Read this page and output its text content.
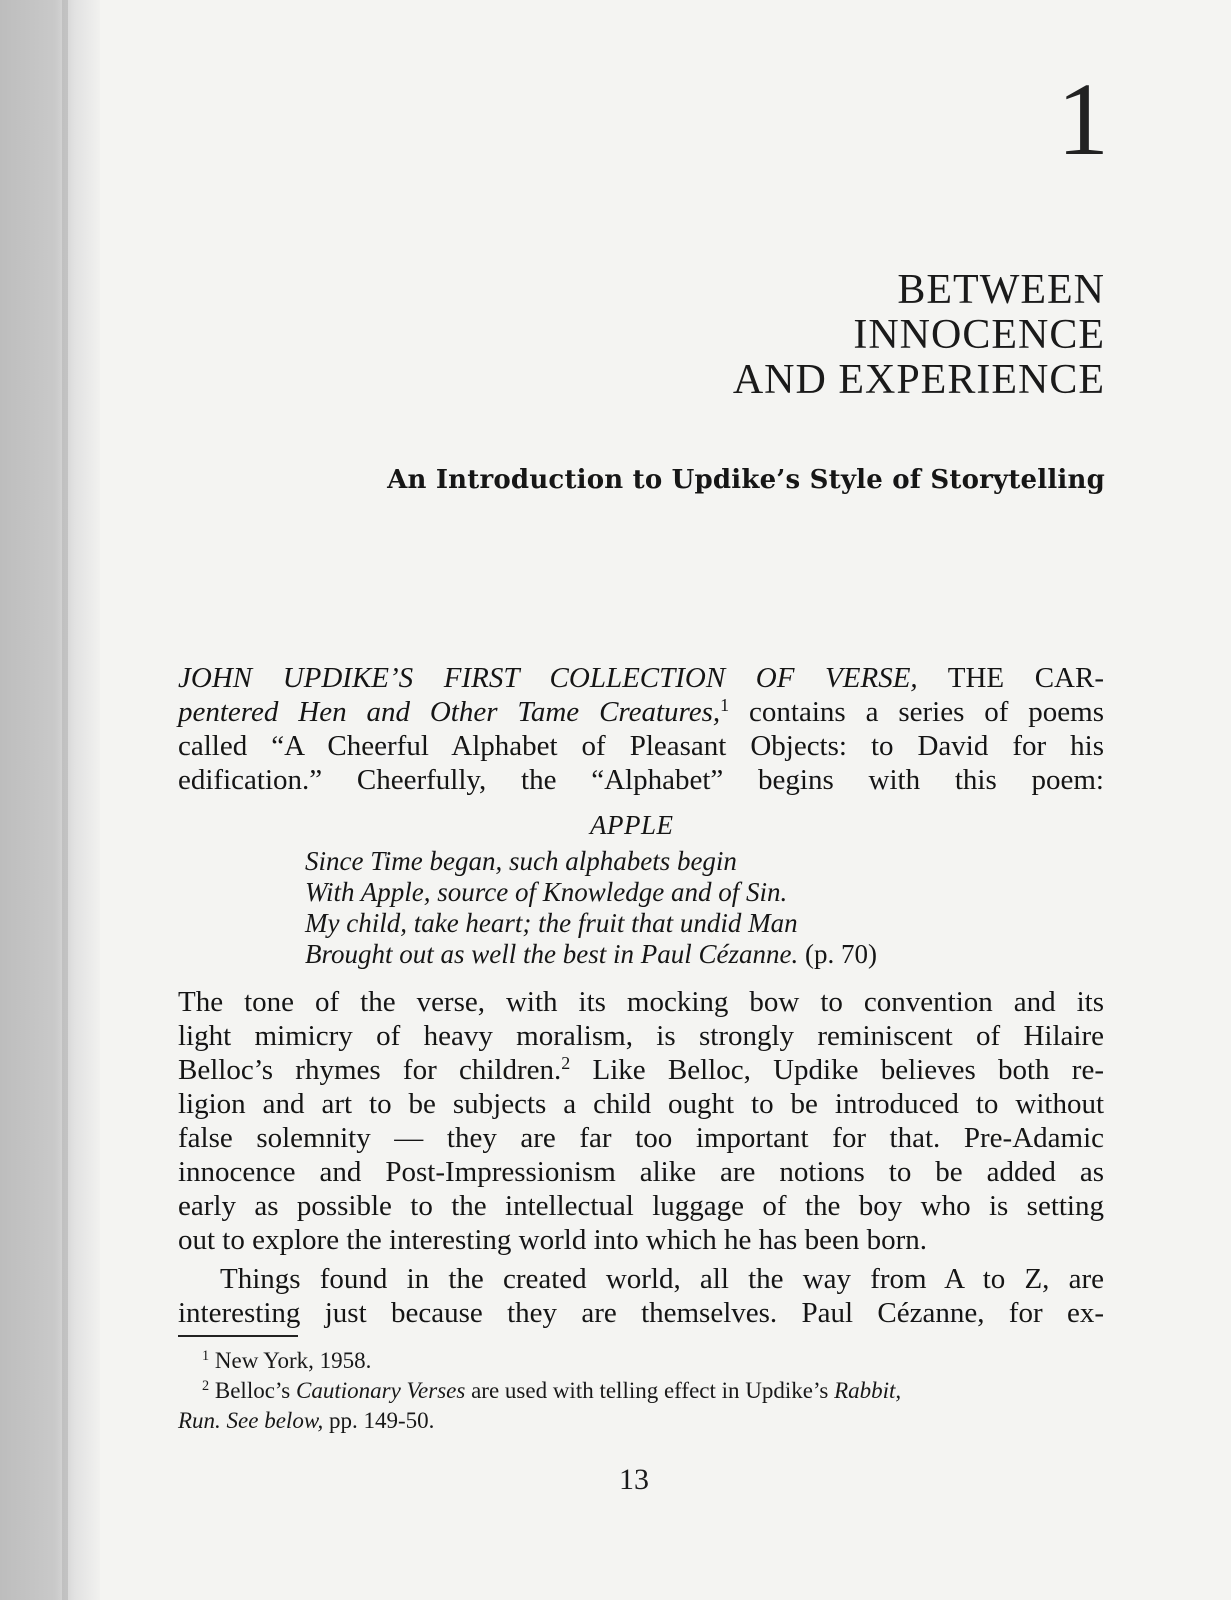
1
BETWEEN
INNOCENCE
AND EXPERIENCE
An Introduction to Updike’s Style of Storytelling
JOHN UPDIKE’S FIRST COLLECTION OF VERSE, THE CAR-
pentered Hen and Other Tame Creatures,$^1$ contains a series of poems
called “A Cheerful Alphabet of Pleasant Objects: to David for his
edification.” Cheerfully, the “Alphabet” begins with this poem:
APPLE
Since Time began, such alphabets begin
With Apple, source of Knowledge and of Sin.
My child, take heart; the fruit that undid Man
Brought out as well the best in Paul Cézanne. (p. 70)
The tone of the verse, with its mocking bow to convention and its
light mimicry of heavy moralism, is strongly reminiscent of Hilaire
Belloc’s rhymes for children.$^2$ Like Belloc, Updike believes both re-
ligion and art to be subjects a child ought to be introduced to without
false solemnity — they are far too important for that. Pre-Adamic
innocence and Post-Impressionism alike are notions to be added as
early as possible to the intellectual luggage of the boy who is setting
out to explore the interesting world into which he has been born.
Things found in the created world, all the way from A to Z, are
interesting just because they are themselves. Paul Cézanne, for ex-
$^1$ New York, 1958.
$^2$ Belloc’s Cautionary Verses are used with telling effect in Updike’s Rabbit,
Run. See below, pp. 149-50.
13
